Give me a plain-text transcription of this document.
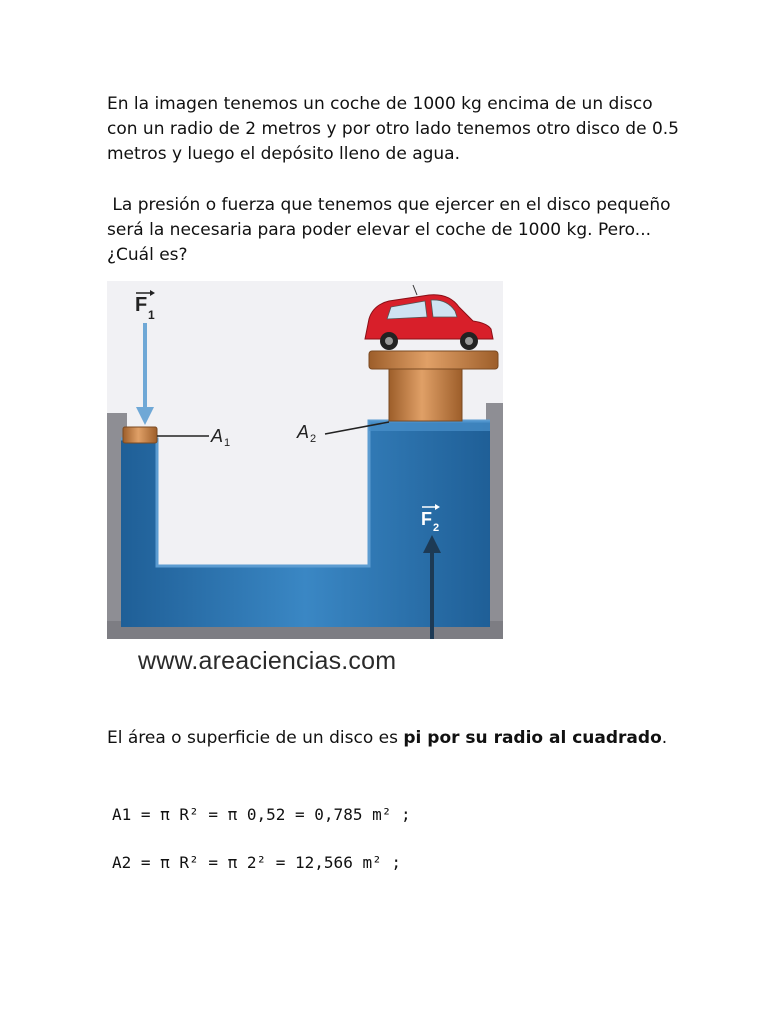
En la imagen tenemos un coche de 1000 kg encima de un disco con un radio de 2 metros y por otro lado tenemos otro disco de 0.5 metros y luego el depósito lleno de agua.

La presión o fuerza que tenemos que ejercer en el disco pequeño será la necesaria para poder elevar el coche de 1000 kg. Pero...¿Cuál es?

F 1
A 1
A 2
F 2
www.areaciencias.com

El área o superficie de un disco es pi por su radio al cuadrado.

A1 = π R² = π 0,52 = 0,785 m² ;

A2 = π R² = π 2² = 12,566 m² ;
